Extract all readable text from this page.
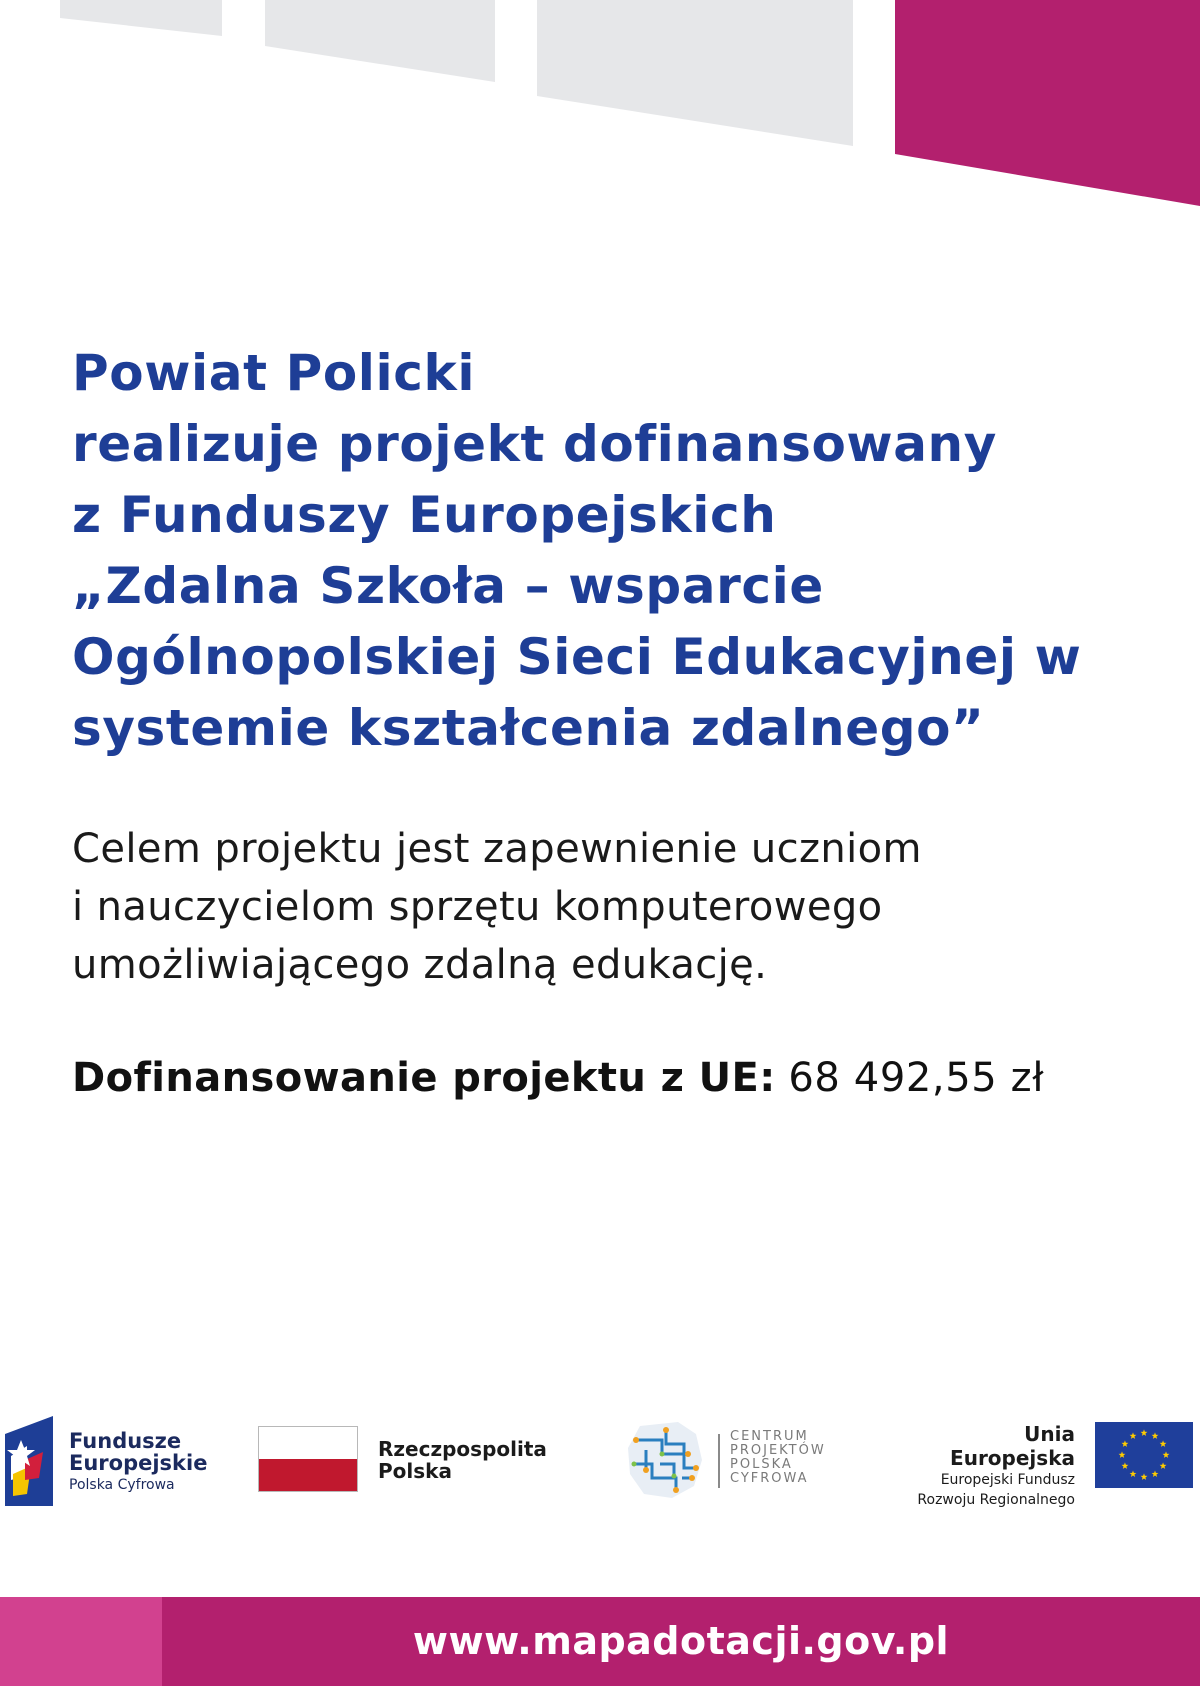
Powiat Policki
realizuje projekt dofinansowany
z Funduszy Europejskich
„Zdalna Szkoła – wsparcie
Ogólnopolskiej Sieci Edukacyjnej w
systemie kształcenia zdalnego”
Celem projektu jest zapewnienie uczniom
i nauczycielom sprzętu komputerowego
umożliwiającego zdalną edukację.
Dofinansowanie projektu z UE: 68 492,55 zł
Fundusze
Europejskie
Polska Cyfrowa
Rzeczpospolita
Polska
CENTRUM
PROJEKTÓW
POLSKA
CYFROWA
Unia Europejska
Europejski Fundusz
Rozwoju Regionalnego
www.mapadotacji.gov.pl
